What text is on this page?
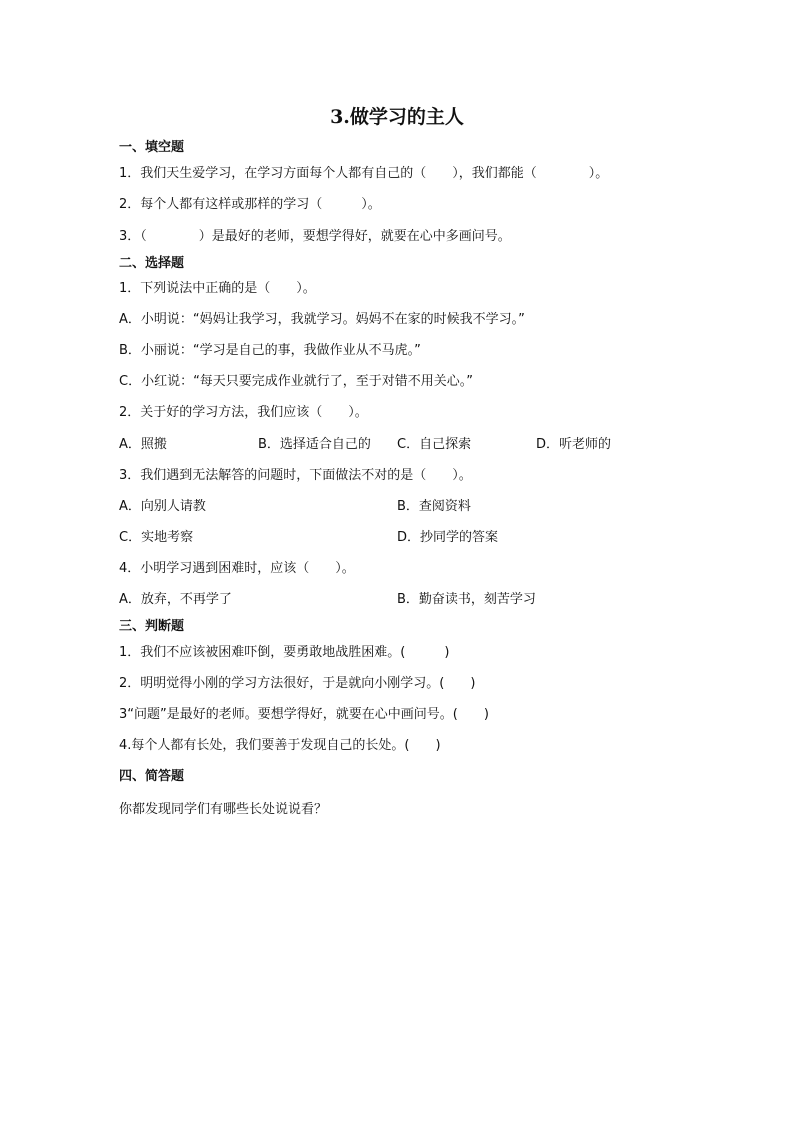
3.做学习的主人
一、填空题
1．我们天生爱学习，在学习方面每个人都有自己的（　　），我们都能（　　　　）。
2．每个人都有这样或那样的学习（　　　）。
3．（　　　　）是最好的老师，要想学得好，就要在心中多画问号。
二、选择题
1．下列说法中正确的是（　　）。
A．小明说：“妈妈让我学习，我就学习。妈妈不在家的时候我不学习。”
B．小丽说：“学习是自己的事，我做作业从不马虎。”
C．小红说：“每天只要完成作业就行了，至于对错不用关心。”
2．关于好的学习方法，我们应该（　　）。
A．照搬	B．选择适合自己的 C．自己探索	D．听老师的
3．我们遇到无法解答的问题时，下面做法不对的是（　　）。
A．向别人请教	B．查阅资料
C．实地考察	D．抄同学的答案
4．小明学习遇到困难时，应该（　　）。
A．放弃，不再学了	B．勤奋读书，刻苦学习
三、判断题
1．我们不应该被困难吓倒，要勇敢地战胜困难。(　　　)
2．明明觉得小刚的学习方法很好，于是就向小刚学习。(　　)
3“问题”是最好的老师。要想学得好，就要在心中画问号。(　　)
4.每个人都有长处，我们要善于发现自己的长处。(　　)
四、简答题
你都发现同学们有哪些长处说说看？
